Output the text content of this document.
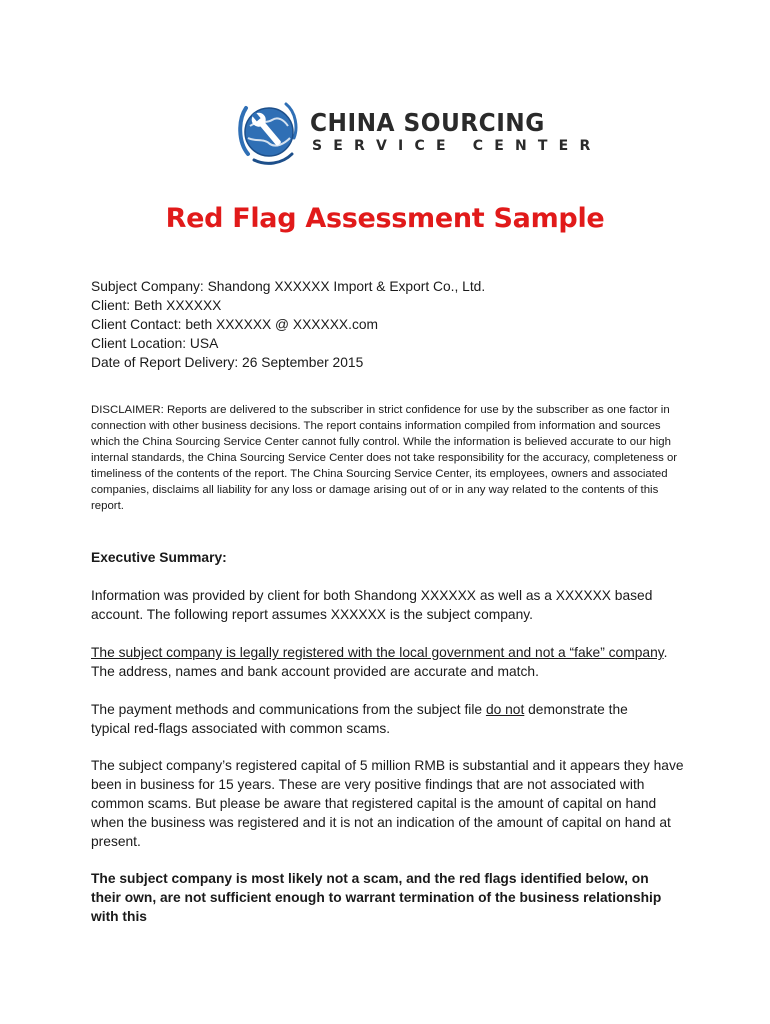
CHINA SOURCING
SERVICE CENTER
Red Flag Assessment Sample
Subject Company: Shandong XXXXXX Import & Export Co., Ltd.
Client: Beth XXXXXX
Client Contact: beth XXXXXX @ XXXXXX.com
Client Location: USA
Date of Report Delivery: 26 September 2015
DISCLAIMER: Reports are delivered to the subscriber in strict confidence for use by the subscriber as one factor in connection with other business decisions. The report contains information compiled from information and sources which the China Sourcing Service Center cannot fully control. While the information is believed accurate to our high internal standards, the China Sourcing Service Center does not take responsibility for the accuracy, completeness or timeliness of the contents of the report. The China Sourcing Service Center, its employees, owners and associated companies, disclaims all liability for any loss or damage arising out of or in any way related to the contents of this report.
Executive Summary:
Information was provided by client for both Shandong XXXXXX as well as a XXXXXX based account. The following report assumes XXXXXX is the subject company.
The subject company is legally registered with the local government and not a “fake” company. The address, names and bank account provided are accurate and match.
The payment methods and communications from the subject file do not demonstrate the typical red-flags associated with common scams.
The subject company’s registered capital of 5 million RMB is substantial and it appears they have been in business for 15 years. These are very positive findings that are not associated with common scams. But please be aware that registered capital is the amount of capital on hand when the business was registered and it is not an indication of the amount of capital on hand at present.
The subject company is most likely not a scam, and the red flags identified below, on their own, are not sufficient enough to warrant termination of the business relationship with this
